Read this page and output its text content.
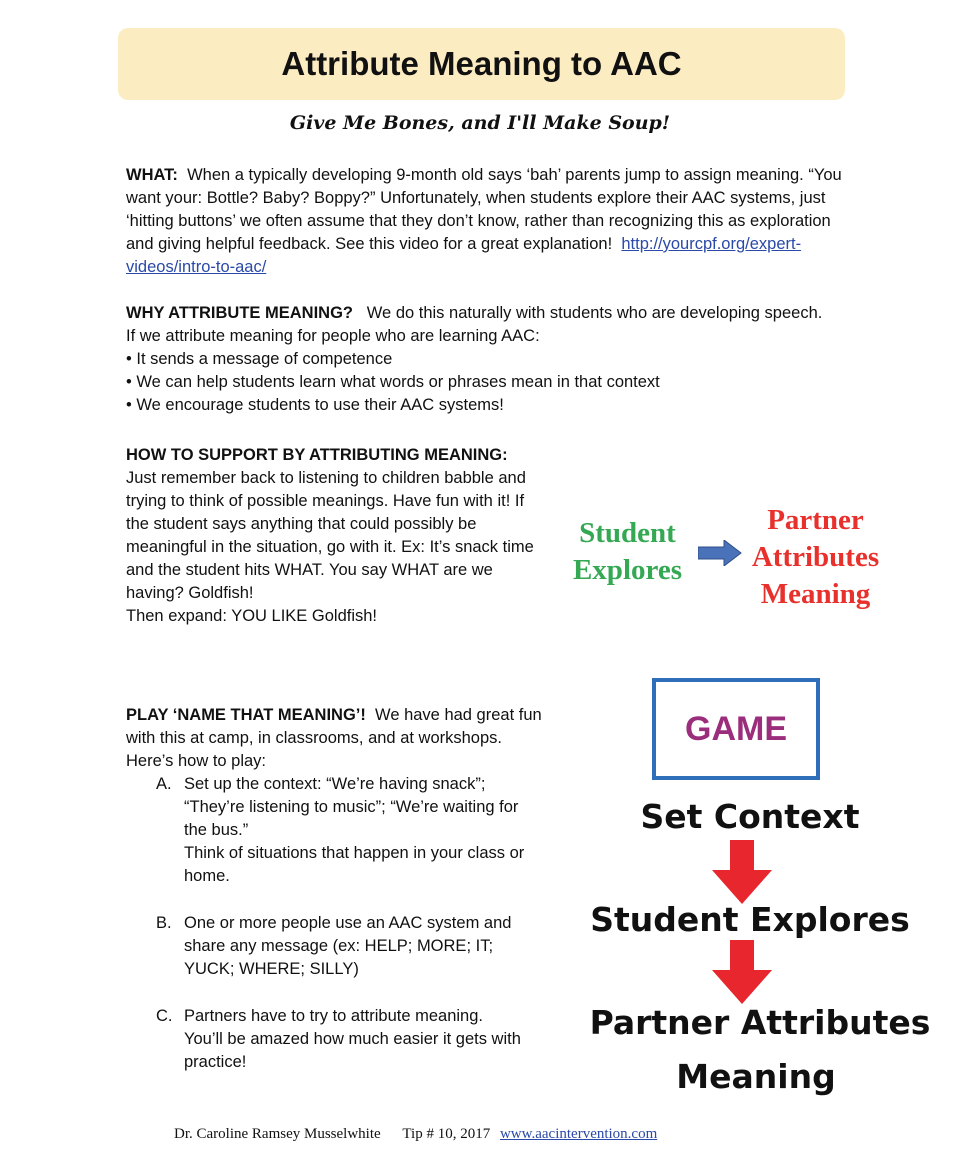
Attribute Meaning to AAC
Give Me Bones, and I'll Make Soup!
WHAT: When a typically developing 9-month old says ‘bah’ parents jump to assign meaning. “You want your: Bottle? Baby? Boppy?” Unfortunately, when students explore their AAC systems, just ‘hitting buttons’ we often assume that they don’t know, rather than recognizing this as exploration and giving helpful feedback. See this video for a great explanation! http://yourcpf.org/expert-videos/intro-to-aac/
WHY ATTRIBUTE MEANING? We do this naturally with students who are developing speech. If we attribute meaning for people who are learning AAC:
• It sends a message of competence
• We can help students learn what words or phrases mean in that context
• We encourage students to use their AAC systems!
HOW TO SUPPORT BY ATTRIBUTING MEANING:  Just remember back to listening to children babble and trying to think of possible meanings. Have fun with it! If the student says anything that could possibly be meaningful in the situation, go with it. Ex: It’s snack time and the student hits WHAT. You say WHAT are we having? Goldfish!
Then expand: YOU LIKE Goldfish!
Student
Explores
Partner
Attributes
Meaning
PLAY ‘NAME THAT MEANING’! We have had great fun with this at camp, in classrooms, and at workshops. Here’s how to play:
A. Set up the context: “We’re having snack”; “They’re listening to music”; “We’re waiting for the bus.”
Think of situations that happen in your class or home.
B. One or more people use an AAC system and share any message (ex: HELP; MORE; IT; YUCK; WHERE; SILLY)
C. Partners have to try to attribute meaning. You’ll be amazed how much easier it gets with practice!
GAME
Set Context
Student Explores
Partner Attributes
Meaning
Dr. Caroline Ramsey Musselwhite Tip # 10, 2017 www.aacintervention.com
